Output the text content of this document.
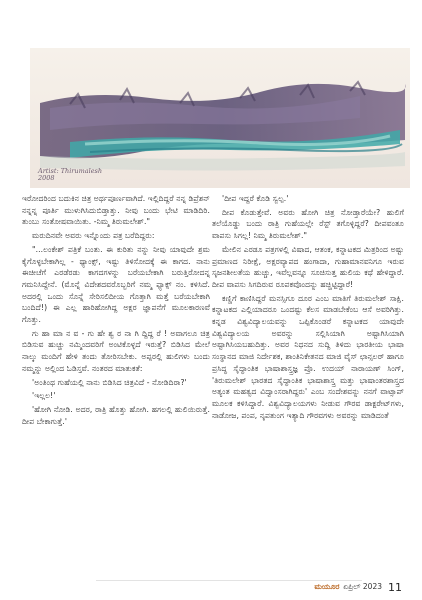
Artist: Thirumalesh
2008

ಇರೋದರಿಂದ ಬದುಕಿನ ಚಿತ್ರ ಅರ್ಥಪೂರ್ಣವಾಗಿದೆ. ಇಲ್ಲಿದಿದ್ದರೆ ನನ್ನ ಡಿಪ್ರೆಶನ್ ನನ್ನನ್ನ ಪೂರ್ತಿ ಮುಳುಗಿಸಿದುಬಿಡ್ತಾತ್ತು. ನೀವು ಬಂದು ಭೇಟಿ ಮಾಡಿದಿರಿ. ತುಂಬು ಸಂತೋಷವಾಯಿತು. -ನಿಮ್ಮ ತಿರುಮಲೇಶ್."

ಮರುದಿನವೇ ಅವರು ಇನ್ನೊಂದು ಪತ್ರ ಬರೆದಿದ್ದರು:

"...ಲಂಕೇಶ್ ಪತ್ರಿಕೆ ಬಂತು. ಈ ಕುರಿತು ನನ್ನು ನೀವು ಯಾವುದೇ ಶ್ರಮ ಕೈಗೊಳ್ಳಬೇಕಾಗಿಲ್ಲ - ಥ್ಯಾಂಕ್ಸ್, ಇಷ್ಟು ತಿಳಿಸೋದಕ್ಕೆ ಈ ಕಾಗದ. ನಾನು ಈಚೀಚೆಗೆ ಎರಡೆರಡು ಕಾಗದಗಳನ್ನು ಬರೆಯಬೇಕಾಗಿ ಬರುತ್ತಿರೋದನ್ನ ಗಮನಿಸಿದ್ದೇನೆ. (ಮೊನ್ನೆ ವಿದೇಶದವರೊಬ್ಬರಿಗೆ ನಮ್ಮ ಫ್ಯಾಕ್ಸ್ ನಂ. ಕಳಿಸಿದೆ. ಅದರಲ್ಲಿ ಒಂದು ಸೊನ್ನೆ ಸೇರಿಸಲಿದೀಯ ಗೊತ್ತಾಗಿ ಮತ್ತೆ ಬರೆಯಬೇಕಾಗಿ ಬಂದಿದೆ!) ಈ ಎಲ್ಲ ಹಾರಿಹೋಗಿದ್ದ ಅಕ್ಷರ ಜ್ಞಾಪನೆಗೆ ಮೂಲಕಾರಣವೆ ಗೊತ್ತು.

ಗು ಹಾ ಮಾ ನ ವ - ಗು ಹೇ ಶ್ವ ರ ನಾ ಗಿ ದ್ದಿದ್ದ ರೆ ! ಅವಾಗಲೂ ಚಿತ್ರ ಬಿಡಿಸುವ ಹುಚ್ಚು ನಮ್ಮಿಂದವರಿಗೆ ಅಂಟಿಕೊಳ್ಳದೆ ಇರುತ್ತೆ? ಬಿಡಿಸಿದ ಮೇಲೆ ನಾಲ್ಕು ಮಂದಿಗೆ ಹೇಳಿ ತಂದು ತೋರಿಸಬೇಕು. ಅಪ್ಪರಲ್ಲಿ ಹುಲಿಗಳು ಬಂದು ನಮ್ಮನ್ನು ಅಲ್ಲಿಂದ ಓಡಿಸ್ತವೆ. ನಂತರದ ಮಾತುಕತೆ:

'ಅಂತಿಂಥ ಗುಹೆಯಲ್ಲಿ ನಾನು ಬಿಡಿಸಿದ ಚಿತ್ರವಿದೆ - ನೋಡಿದಿರಾ?'

'ಇಲ್ಲಲ!'

'ಹೋಗಿ ನೋಡಿ. ಅದರ, ರಾತ್ರಿ ಹೊತ್ತು ಹೋಗಿ. ಹಗಲಲ್ಲಿ ಹುಲಿಯಿರುತ್ತೆ. ದೀಪ ಬೇಕಾಗುತ್ತೆ.'

'ದೀಪ ಇದ್ದರೆ ಕೊಡಿ ಸ್ವಲ್ಪ.'

ದೀಪ ಕೊಡುತ್ತೇವೆ. ಅವರು ಹೋಗಿ ಚಿತ್ರ ನೋಡ್ತಾರೆಯೇ? ಹುಲಿಗೆ ತಲೆಯೊಡ್ಡು ಬಂದು ರಾತ್ರಿ ಗುಹೆಯಲ್ಲೇ ರೆಸ್ಟ್ ತಗೊಳ್ಳಿದ್ದರೆ? ದೀಪವಂತೂ ವಾಪಸು ಸಿಗಲ್ಲ! ನಿಮ್ಮ ತಿರುಮಲೇಶ್."

ಮೇಲಿನ ಎರಡೂ ಪತ್ರಗಳಲ್ಲಿ ವಿಷಾದ, ಆತಂಕ, ಕನ್ನಾಟಕದ ಮಿತ್ರರಿಂದ ಅಷ್ಟು ಪ್ರಮಾಣದ ನಿರೀಕ್ಷೆ, ಅಕ್ಷರವ್ಯಾಪದ ಹಂಗಾದಾ, ಗುಹಾಮಾನವನಿಗೂ ಇರುವ ಸೃಜನಶೀಲತೆಯ ಹುಚ್ಚು, ಇವೆಲ್ಲವನ್ನೂ ಸೂಚಿಸುತ್ತ ಹುಲಿಯ ಕಥೆ ಹೇಳಿದ್ದಾರೆ. ದೀಪ ವಾಪಸು ಸಿಗದಿರುವ ರೂಪಕವೊಂದನ್ನು ಹಚ್ಚಿಟ್ಟಿದ್ದಾರೆ!

ಕಣ್ಣಿಗೆ ಕಾಣಿಸಿದ್ದರೆ ಮನಸ್ಸಿಗೂ ದೂರ ಎಂಬ ಮಾತಿಗೆ ತಿರುಮಲೇಶ್ ಸಾಕ್ಷಿ. ಕನ್ನಾಟಕದ ಎಲ್ಲಿಯಾದರೂ ಒಂದಷ್ಟು ಕೆಲಸ ಮಾಡಬೇಕೆಂಬ ಆಸೆ ಅವರಿಗಿತ್ತು. ಕನ್ನಡ ವಿಶ್ವವಿದ್ಯಾಲಯವನ್ನು ಒಪ್ಪಿಕೊಂಡರೆ ಕನ್ನಾಟಕದ ಯಾವುದೇ ವಿಶ್ವವಿದ್ಯಾಲಯ ಅವರನ್ನು ಸಲ್ಲಿಸಿಯಾಗಿ ಅಷ್ಟಾಗಿಸಿಯಾಗಿ ಅಷ್ಟಾಗಿಸಿಯಬಹುದಿತ್ತು. ಅವರ ನಿಧನದ ಸುದ್ದಿ ತಿಳಿದು ಭಾರತೀಯ ಭಾಷಾ ಸಂಸ್ಥಾನದ ಮಾಜಿ ನಿರ್ದೇಶಕ, ಶಾಂತಿನಿಕೇತನದ ಮಾಜಿ ವೈಸ್ ಛಾನ್ಸಲರ್ ಹಾಗೂ ಪ್ರಸಿದ್ಧ ಸೈದ್ಧಾಂತಿಕ ಭಾಷಾಶಾಸ್ತ್ರಜ್ಞ ಪ್ರೊ. ಉದಯ್ ನಾರಾಯಣ್ ಸಿಂಗ್, 'ತಿರುಮಲೇಶ್ ಭಾರತದ ಸೈದ್ಧಾಂತಿಕ ಭಾಷಾಶಾಸ್ತ್ರ ಮತ್ತು ಭಾಷಾಂತರಶಾಸ್ತ್ರದ ಅತ್ಯಂತ ಮಹತ್ವದ ವಿದ್ವಾಂಸರಾಗಿದ್ದರು' ಎಂಬ ಸಂದೇಶವನ್ನು ನನಗೆ ವಾಟ್ಸಾಪ್ ಮೂಲಕ ಕಳಿಸಿದ್ದಾರೆ. ವಿಶ್ವವಿದ್ಯಾಲಯಗಳು ನೀಡುವ ಗೌರವ ಡಾಕ್ಟರೇಟ್‌ಗಳು, ನಾಡೋಜ, ಪಂಪ, ನೃಪತುಂಗ ಇತ್ಯಾದಿ ಗೌರವಗಳು ಅವರನ್ನು ಮಾಡಿದಂತೆ

ಮಯೂರ ಏಪ್ರಿಲ್ 2023 11
